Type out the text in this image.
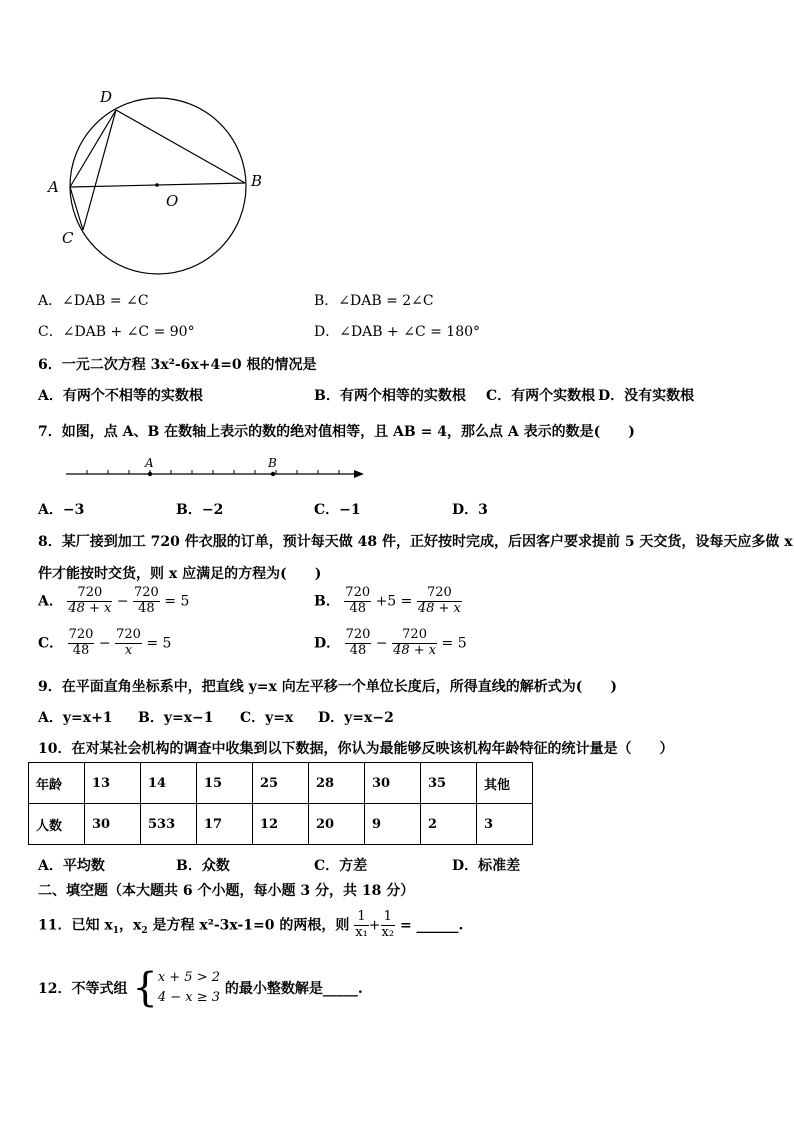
D
A	B
O
C
A．∠DAB = ∠C	B．∠DAB = 2∠C
C．∠DAB + ∠C = 90°	D．∠DAB + ∠C = 180°
6．一元二次方程 3x²-6x+4=0 根的情况是
A．有两个不相等的实数根	B．有两个相等的实数根 C．有两个实数根 D．没有实数根
7．如图，点 A、B 在数轴上表示的数的绝对值相等，且 AB = 4，那么点 A 表示的数是(　　)
A	B
A．−3	B．−2	C．−1	D．3
8．某厂接到加工 720 件衣服的订单，预计每天做 48 件，正好按时完成，后因客户要求提前 5 天交货，设每天应多做 x
件才能按时交货，则 x 应满足的方程为(　　)
A． $\frac{720}{48 + x} - \frac{720}{48} = 5$	B． $\frac{720}{48} +5 = \frac{720}{48 + x}$
C． $\frac{720}{48} - \frac{720}{x} = 5$	D． $\frac{720}{48} - \frac{720}{48 + x} = 5$
9．在平面直角坐标系中，把直线 y=x 向左平移一个单位长度后，所得直线的解析式为(　　)
A．y=x+1 B．y=x−1 C．y=x D．y=x−2
10．在对某社会机构的调查中收集到以下数据，你认为最能够反映该机构年龄特征的统计量是（　　）
年龄	13	14	15	25	28	30	35	其他
人数	30	533	17	12	20	9	2	3
A．平均数	B．众数	C．方差	D．标准差
二、填空题（本大题共 6 个小题，每小题 3 分，共 18 分）
11．已知 $x_1$，$x_2$ 是方程 x²-3x-1=0 的两根，则 $\frac{1}{\text{x₁}} + \frac{1}{\text{x₂}}$ = ______.
12．不等式组 { x + 5 > 2
4 − x ≥ 3
的最小整数解是_____.
